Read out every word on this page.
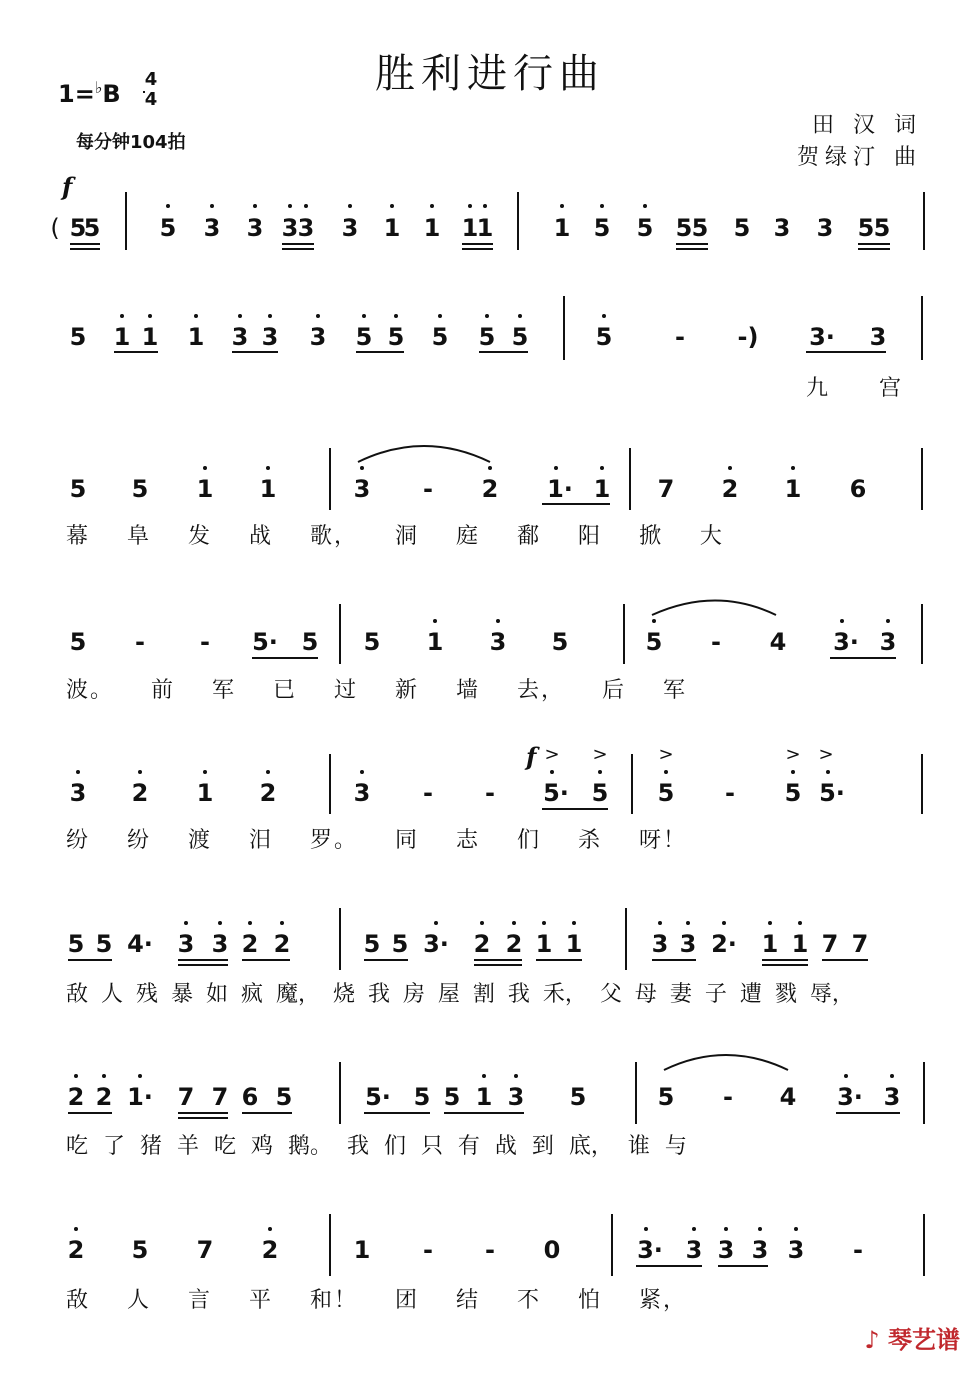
胜利进行曲
1=♭B
4
4
每分钟104拍
田 汉 词
贺绿汀 曲
f
f
( 5
5 5 3 3 3 3 3 1 1 1
1	1 5 5 5 5 5 3 3 5 5
5 1 1 1 3 3 3 5 5 5 5 5	5	- -) 3· 3
5 5 1 1	3 - 2 1· 1 7 2 1 6
5 - - 5· 5 5 1 3 5	5 - 4 3· 3
3 2 1 2	3 - - 5· 5 5 - 5 5·
5 5 4· 3 3 2 2	5 5 3· 2 2 1 1	3 3 2· 1 1 7 7
2 2 1· 7 7 6 5	5· 5 5 1 3 5	5 - 4 3· 3
2 5 7 2	1 - - 0	3· 3 3 3 3 -
> >	>	> >
九 宫
幕 阜 发 战 歌， 洞 庭 鄱 阳 掀 大
波。 前 军 已 过 新 墙 去， 后 军
纷 纷 渡 汨 罗。 同 志 们 杀 呀！
敌 人 残 暴 如 疯 魔， 烧 我 房 屋 割 我 禾， 父 母 妻 子 遭 戮 辱，
吃 了 猪 羊 吃 鸡 鹅。 我 们 只 有 战 到 底， 谁 与
敌 人 言 平 和！ 团 结 不 怕 紧，
♪ 琴艺谱
